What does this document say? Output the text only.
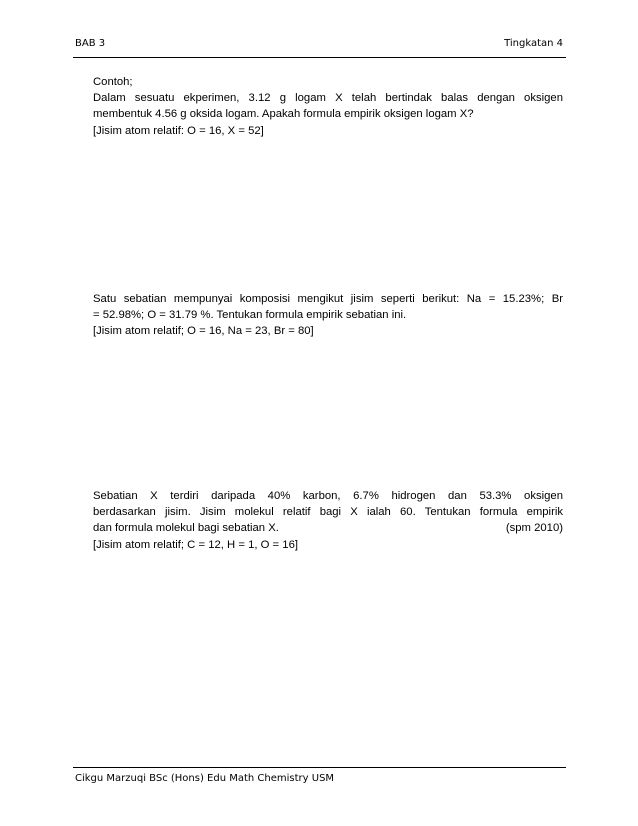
BAB 3	Tingkatan 4
Contoh;
Dalam sesuatu ekperimen, 3.12 g logam X telah bertindak balas dengan oksigen
membentuk 4.56 g oksida logam. Apakah formula empirik oksigen logam X?
[Jisim atom relatif: O = 16, X = 52]
Satu sebatian mempunyai komposisi mengikut jisim seperti berikut: Na = 15.23%; Br
= 52.98%; O = 31.79 %. Tentukan formula empirik sebatian ini.
[Jisim atom relatif; O = 16, Na = 23, Br = 80]
Sebatian X terdiri daripada 40% karbon, 6.7% hidrogen dan 53.3% oksigen
berdasarkan jisim. Jisim molekul relatif bagi X ialah 60. Tentukan formula empirik
dan formula molekul bagi sebatian X.	(spm 2010)
[Jisim atom relatif; C = 12, H = 1, O = 16]
Cikgu Marzuqi BSc (Hons) Edu Math Chemistry USM
